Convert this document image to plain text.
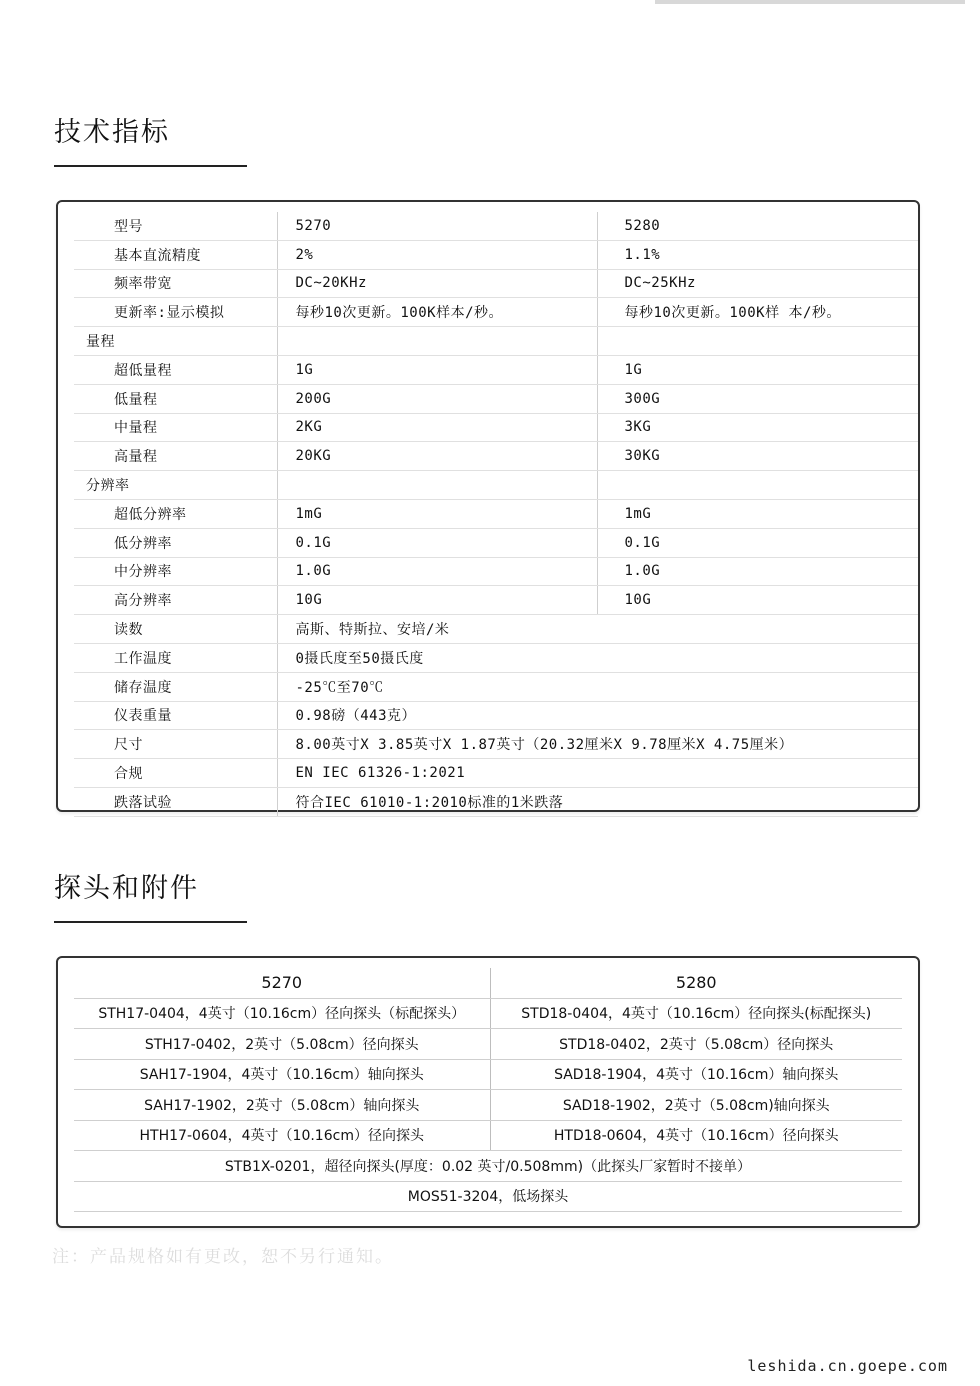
技术指标
型号	5270	5280
基本直流精度	2%	1.1%
频率带宽	DC~20KHz	DC~25KHz
更新率:显示模拟	每秒10次更新。100K样本/秒。	每秒10次更新。100K样 本/秒。
量程		
超低量程	1G	1G
低量程	200G	300G
中量程	2KG	3KG
高量程	20KG	30KG
分辨率		
超低分辨率	1mG	1mG
低分辨率	0.1G	0.1G
中分辨率	1.0G	1.0G
高分辨率	10G	10G
读数	高斯、特斯拉、安培/米	
工作温度	0摄氏度至50摄氏度	
储存温度	-25℃至70℃	
仪表重量	0.98磅（443克）	
尺寸	8.00英寸X 3.85英寸X 1.87英寸（20.32厘米X 9.78厘米X 4.75厘米）	
合规	EN IEC 61326-1:2021	
跌落试验	符合IEC 61010-1:2010标准的1米跌落	
探头和附件
5270	5280
STH17-0404，4英寸（10.16cm）径向探头（标配探头）	STD18-0404，4英寸（10.16cm）径向探头(标配探头)
STH17-0402，2英寸（5.08cm）径向探头	STD18-0402，2英寸（5.08cm）径向探头
SAH17-1904，4英寸（10.16cm）轴向探头	SAD18-1904，4英寸（10.16cm）轴向探头
SAH17-1902，2英寸（5.08cm）轴向探头	SAD18-1902，2英寸（5.08cm)轴向探头
HTH17-0604，4英寸（10.16cm）径向探头	HTD18-0604，4英寸（10.16cm）径向探头
STB1X-0201，超径向探头(厚度：0.02 英寸/0.508mm)（此探头厂家暂时不接单）	
MOS51-3204，低场探头	
注：产品规格如有更改，恕不另行通知。
leshida.cn.goepe.com
